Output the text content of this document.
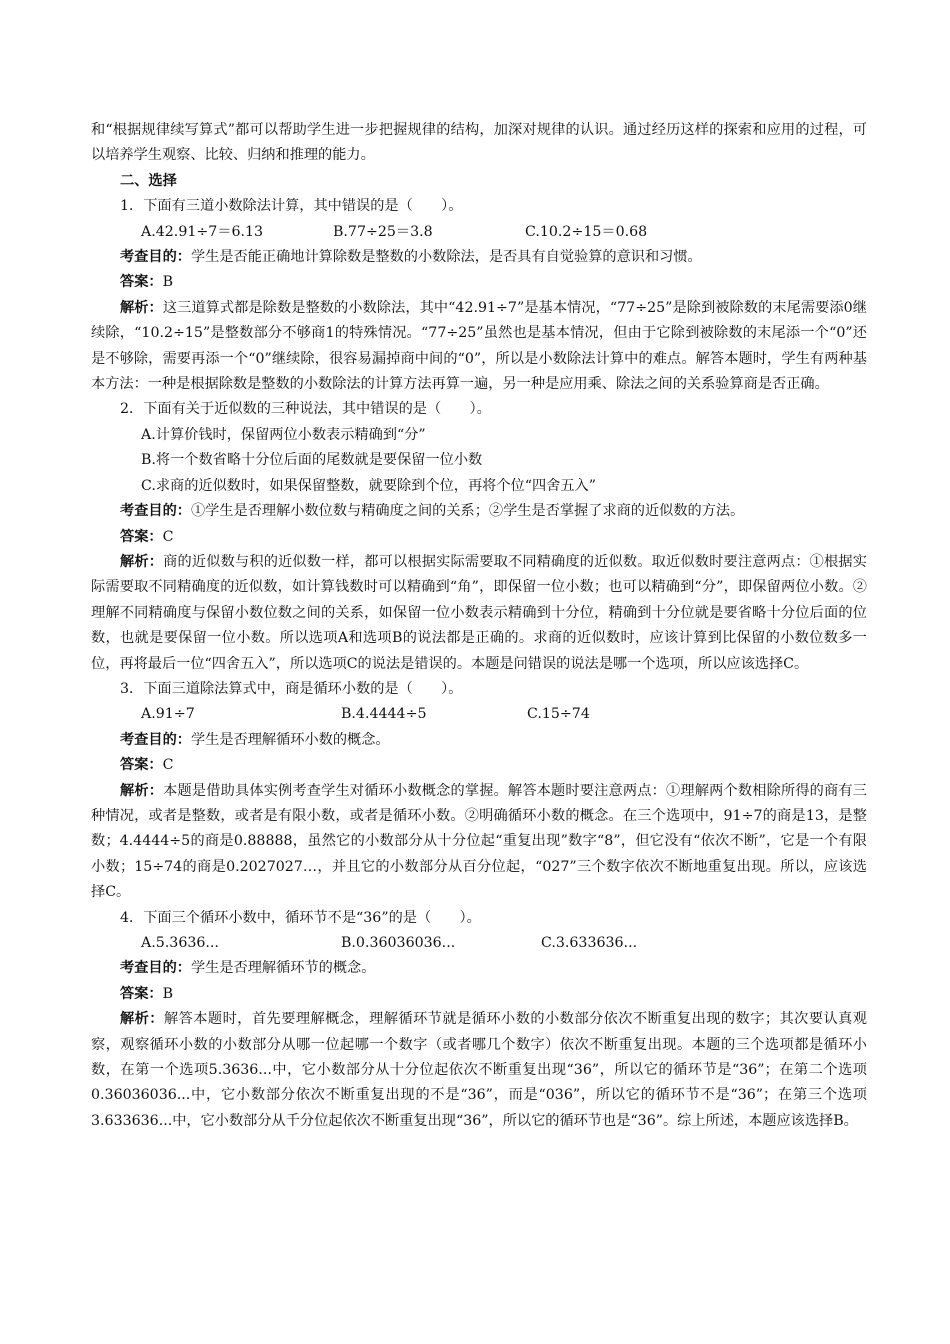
和“根据规律续写算式”都可以帮助学生进一步把握规律的结构，加深对规律的认识。通过经历这样的探索和应用的过程，可以培养学生观察、比较、归纳和推理的能力。

二、选择

1．下面有三道小数除法计算，其中错误的是（　　）。

A.42.91÷7＝6.13	B.77÷25＝3.8	C.10.2÷15＝0.68

考查目的：学生是否能正确地计算除数是整数的小数除法，是否具有自觉验算的意识和习惯。

答案：B

解析：这三道算式都是除数是整数的小数除法，其中“42.91÷7”是基本情况，“77÷25”是除到被除数的末尾需要添0继续除，“10.2÷15”是整数部分不够商1的特殊情况。“77÷25”虽然也是基本情况，但由于它除到被除数的末尾添一个“0”还是不够除，需要再添一个“0”继续除，很容易漏掉商中间的“0”，所以是小数除法计算中的难点。解答本题时，学生有两种基本方法：一种是根据除数是整数的小数除法的计算方法再算一遍，另一种是应用乘、除法之间的关系验算商是否正确。

2．下面有关于近似数的三种说法，其中错误的是（　　）。

A.计算价钱时，保留两位小数表示精确到“分”

B.将一个数省略十分位后面的尾数就是要保留一位小数

C.求商的近似数时，如果保留整数，就要除到个位，再将个位“四舍五入”

考查目的：①学生是否理解小数位数与精确度之间的关系；②学生是否掌握了求商的近似数的方法。

答案：C

解析：商的近似数与积的近似数一样，都可以根据实际需要取不同精确度的近似数。取近似数时要注意两点：①根据实际需要取不同精确度的近似数，如计算钱数时可以精确到“角”，即保留一位小数；也可以精确到“分”，即保留两位小数。②理解不同精确度与保留小数位数之间的关系，如保留一位小数表示精确到十分位，精确到十分位就是要省略十分位后面的位数，也就是要保留一位小数。所以选项A和选项B的说法都是正确的。求商的近似数时，应该计算到比保留的小数位数多一位，再将最后一位“四舍五入”，所以选项C的说法是错误的。本题是问错误的说法是哪一个选项，所以应该选择C。

3．下面三道除法算式中，商是循环小数的是（　　）。

A.91÷7	B.4.4444÷5	C.15÷74

考查目的：学生是否理解循环小数的概念。

答案：C

解析：本题是借助具体实例考查学生对循环小数概念的掌握。解答本题时要注意两点：①理解两个数相除所得的商有三种情况，或者是整数，或者是有限小数，或者是循环小数。②明确循环小数的概念。在三个选项中，91÷7的商是13，是整数；4.4444÷5的商是0.88888，虽然它的小数部分从十分位起“重复出现”数字“8”，但它没有“依次不断”，它是一个有限小数；15÷74的商是0.2027027…，并且它的小数部分从百分位起，“027”三个数字依次不断地重复出现。所以，应该选择C。

4．下面三个循环小数中，循环节不是“36”的是（　　）。

A.5.3636...	B.0.36036036...	C.3.633636...

考查目的：学生是否理解循环节的概念。

答案：B

解析：解答本题时，首先要理解概念，理解循环节就是循环小数的小数部分依次不断重复出现的数字；其次要认真观察，观察循环小数的小数部分从哪一位起哪一个数字（或者哪几个数字）依次不断重复出现。本题的三个选项都是循环小数，在第一个选项5.3636...中，它小数部分从十分位起依次不断重复出现“36”，所以它的循环节是“36”；在第二个选项0.36036036...中，它小数部分依次不断重复出现的不是“36”，而是“036”，所以它的循环节不是“36”；在第三个选项3.633636...中，它小数部分从千分位起依次不断重复出现“36”，所以它的循环节也是“36”。综上所述，本题应该选择B。
